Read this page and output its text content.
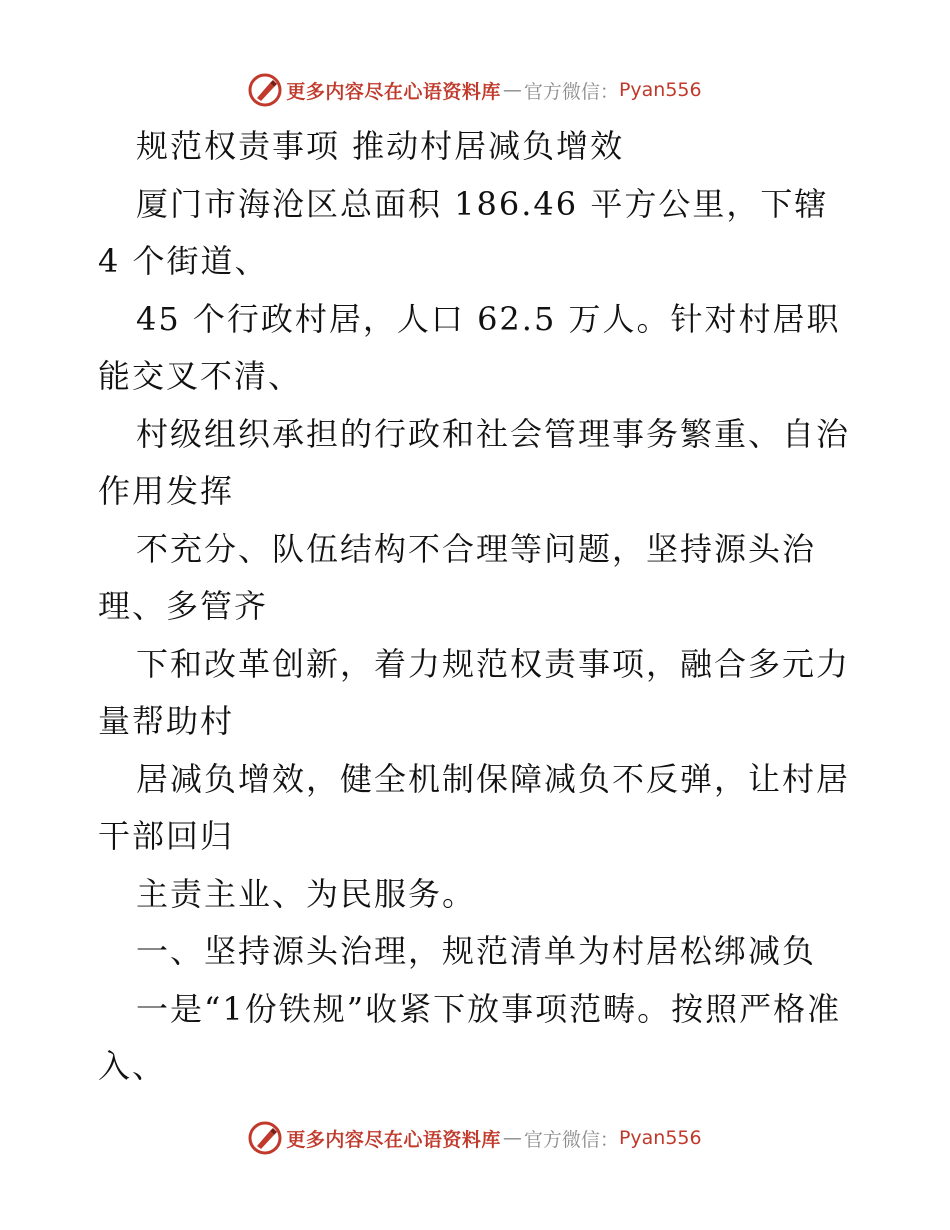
更多内容尽在心语资料库 — 官方微信： Pyan556

规范权责事项 推动村居减负增效

厦门市海沧区总面积 186.46 平方公里，下辖 4 个街道、

45 个行政村居，人口 62.5 万人。针对村居职能交叉不清、

村级组织承担的行政和社会管理事务繁重、自治作用发挥

不充分、队伍结构不合理等问题，坚持源头治理、多管齐

下和改革创新，着力规范权责事项，融合多元力量帮助村

居减负增效，健全机制保障减负不反弹，让村居干部回归

主责主业、为民服务。

一、坚持源头治理，规范清单为村居松绑减负

一是“1份铁规”收紧下放事项范畴。按照严格准入、

更多内容尽在心语资料库 — 官方微信： Pyan556
